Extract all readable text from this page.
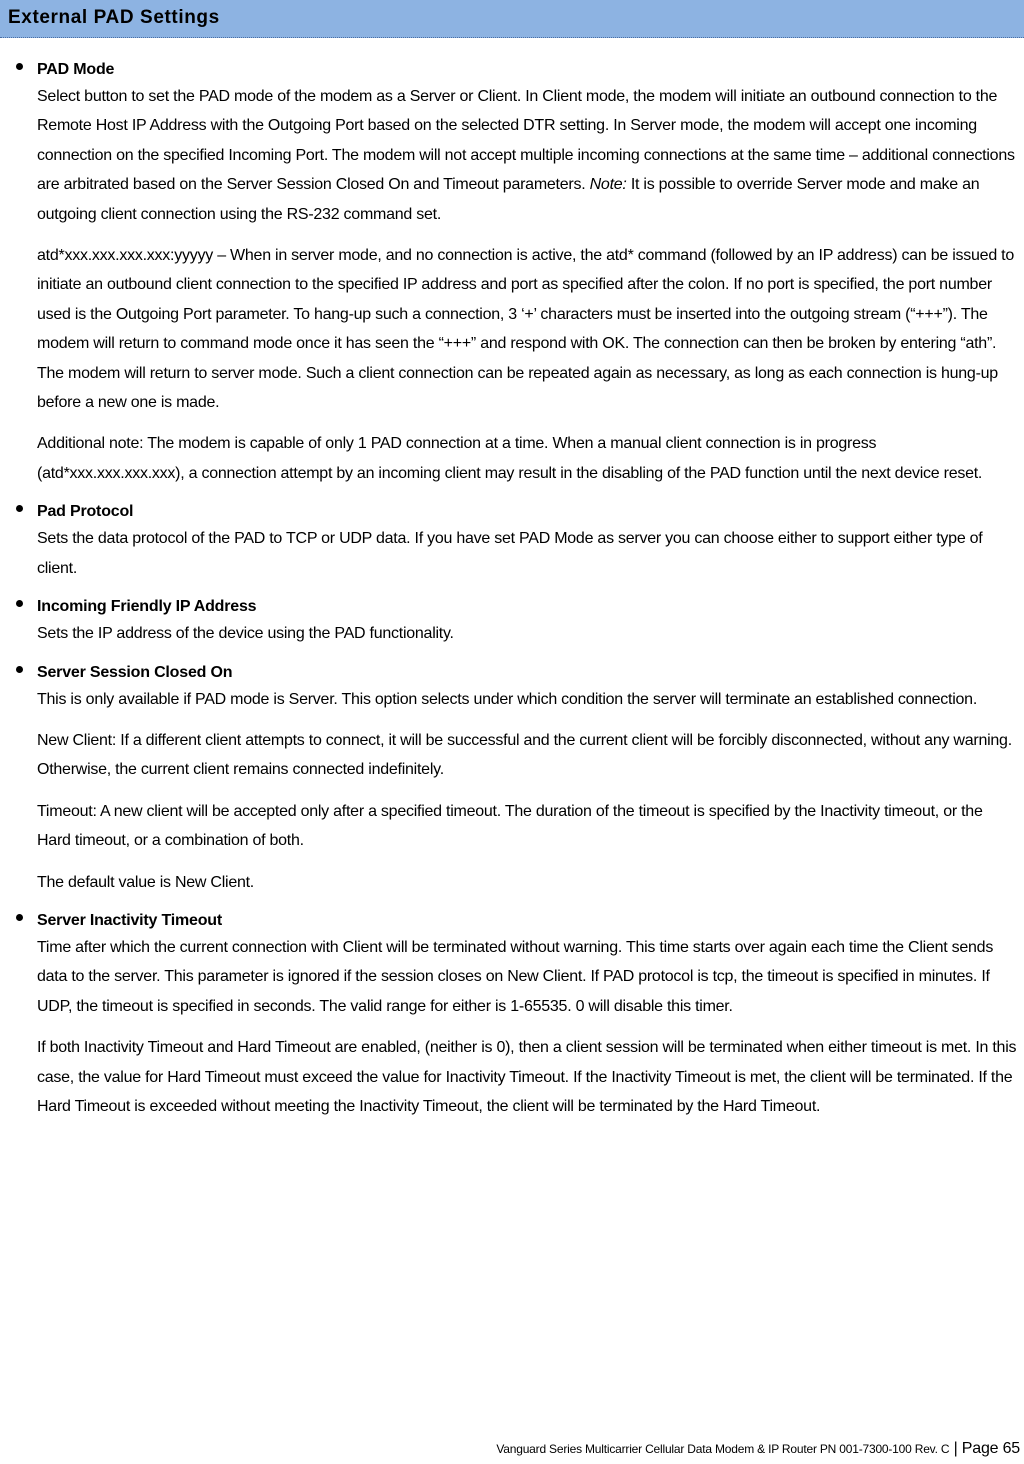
External PAD Settings
PAD Mode

Select button to set the PAD mode of the modem as a Server or Client. In Client mode, the modem will initiate an outbound connection to the Remote Host IP Address with the Outgoing Port based on the selected DTR setting. In Server mode, the modem will accept one incoming connection on the specified Incoming Port. The modem will not accept multiple incoming connections at the same time – additional connections are arbitrated based on the Server Session Closed On and Timeout parameters. Note: It is possible to override Server mode and make an outgoing client connection using the RS-232 command set.

atd*xxx.xxx.xxx.xxx:yyyyy – When in server mode, and no connection is active, the atd* command (followed by an IP address) can be issued to initiate an outbound client connection to the specified IP address and port as specified after the colon. If no port is specified, the port number used is the Outgoing Port parameter. To hang-up such a connection, 3 ‘+’ characters must be inserted into the outgoing stream (“+++”). The modem will return to command mode once it has seen the “+++” and respond with OK. The connection can then be broken by entering “ath”. The modem will return to server mode. Such a client connection can be repeated again as necessary, as long as each connection is hung-up before a new one is made.

Additional note: The modem is capable of only 1 PAD connection at a time. When a manual client connection is in progress (atd*xxx.xxx.xxx.xxx), a connection attempt by an incoming client may result in the disabling of the PAD function until the next device reset.

Pad Protocol

Sets the data protocol of the PAD to TCP or UDP data. If you have set PAD Mode as server you can choose either to support either type of client.

Incoming Friendly IP Address

Sets the IP address of the device using the PAD functionality.

Server Session Closed On

This is only available if PAD mode is Server. This option selects under which condition the server will terminate an established connection.

New Client: If a different client attempts to connect, it will be successful and the current client will be forcibly disconnected, without any warning. Otherwise, the current client remains connected indefinitely.

Timeout: A new client will be accepted only after a specified timeout. The duration of the timeout is specified by the Inactivity timeout, or the Hard timeout, or a combination of both.

The default value is New Client.

Server Inactivity Timeout

Time after which the current connection with Client will be terminated without warning. This time starts over again each time the Client sends data to the server. This parameter is ignored if the session closes on New Client. If PAD protocol is tcp, the timeout is specified in minutes. If UDP, the timeout is specified in seconds. The valid range for either is 1-65535. 0 will disable this timer.

If both Inactivity Timeout and Hard Timeout are enabled, (neither is 0), then a client session will be terminated when either timeout is met. In this case, the value for Hard Timeout must exceed the value for Inactivity Timeout. If the Inactivity Timeout is met, the client will be terminated. If the Hard Timeout is exceeded without meeting the Inactivity Timeout, the client will be terminated by the Hard Timeout.

Vanguard Series Multicarrier Cellular Data Modem & IP Router PN 001-7300-100 Rev. C | Page 65
